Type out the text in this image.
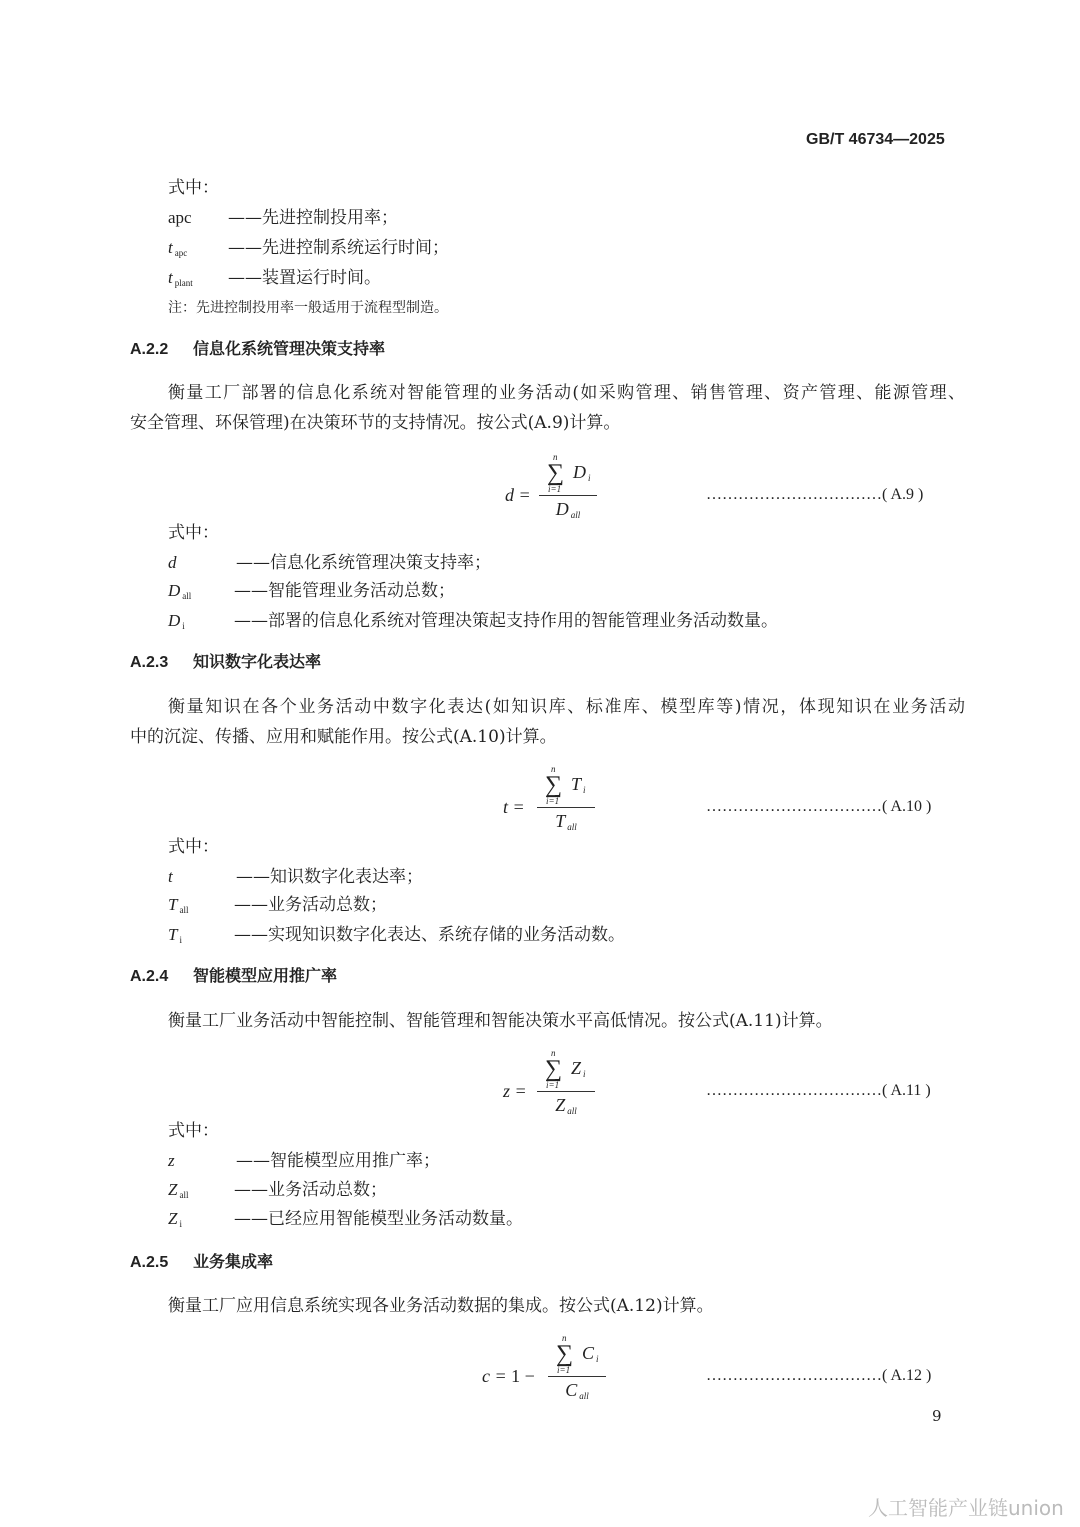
GB/T 46734—2025
式中：
apc ——先进控制投用率；
t $_{apc}$ ——先进控制系统运行时间；
t $_{plant}$ ——装置运行时间。
注：先进控制投用率一般适用于流程型制造。
A.2.2 信息化系统管理决策支持率
衡量工厂部署的信息化系统对智能管理的业务活动(如采购管理、销售管理、资产管理、能源管理、
安全管理、环保管理)在决策环节的支持情况。按公式(A.9)计算。
d =
n
∑
i=1
D $_i$
D $_{all}$
……………………………( A.9 )
式中：
d	——信息化系统管理决策支持率；
D $_{all}$	——智能管理业务活动总数；
D $_i$	——部署的信息化系统对管理决策起支持作用的智能管理业务活动数量。
A.2.3 知识数字化表达率
衡量知识在各个业务活动中数字化表达(如知识库、标准库、模型库等)情况，体现知识在业务活动
中的沉淀、传播、应用和赋能作用。按公式(A.10)计算。
t =
n
∑
i=1
T $_i$
T $_{all}$
……………………………( A.10 )
式中：
t	——知识数字化表达率；
T $_{all}$	——业务活动总数；
T $_i$	——实现知识数字化表达、系统存储的业务活动数。
A.2.4 智能模型应用推广率
衡量工厂业务活动中智能控制、智能管理和智能决策水平高低情况。按公式(A.11)计算。
z =
n
∑
i=1
Z $_i$
Z $_{all}$
……………………………( A.11 )
式中：
z	——智能模型应用推广率；
Z $_{all}$	——业务活动总数；
Z $_i$	——已经应用智能模型业务活动数量。
A.2.5 业务集成率
衡量工厂应用信息系统实现各业务活动数据的集成。按公式(A.12)计算。
c = 1 −
n
∑
i=1
C $_i$
C $_{all}$
……………………………( A.12 )
9
人工智能产业链union
